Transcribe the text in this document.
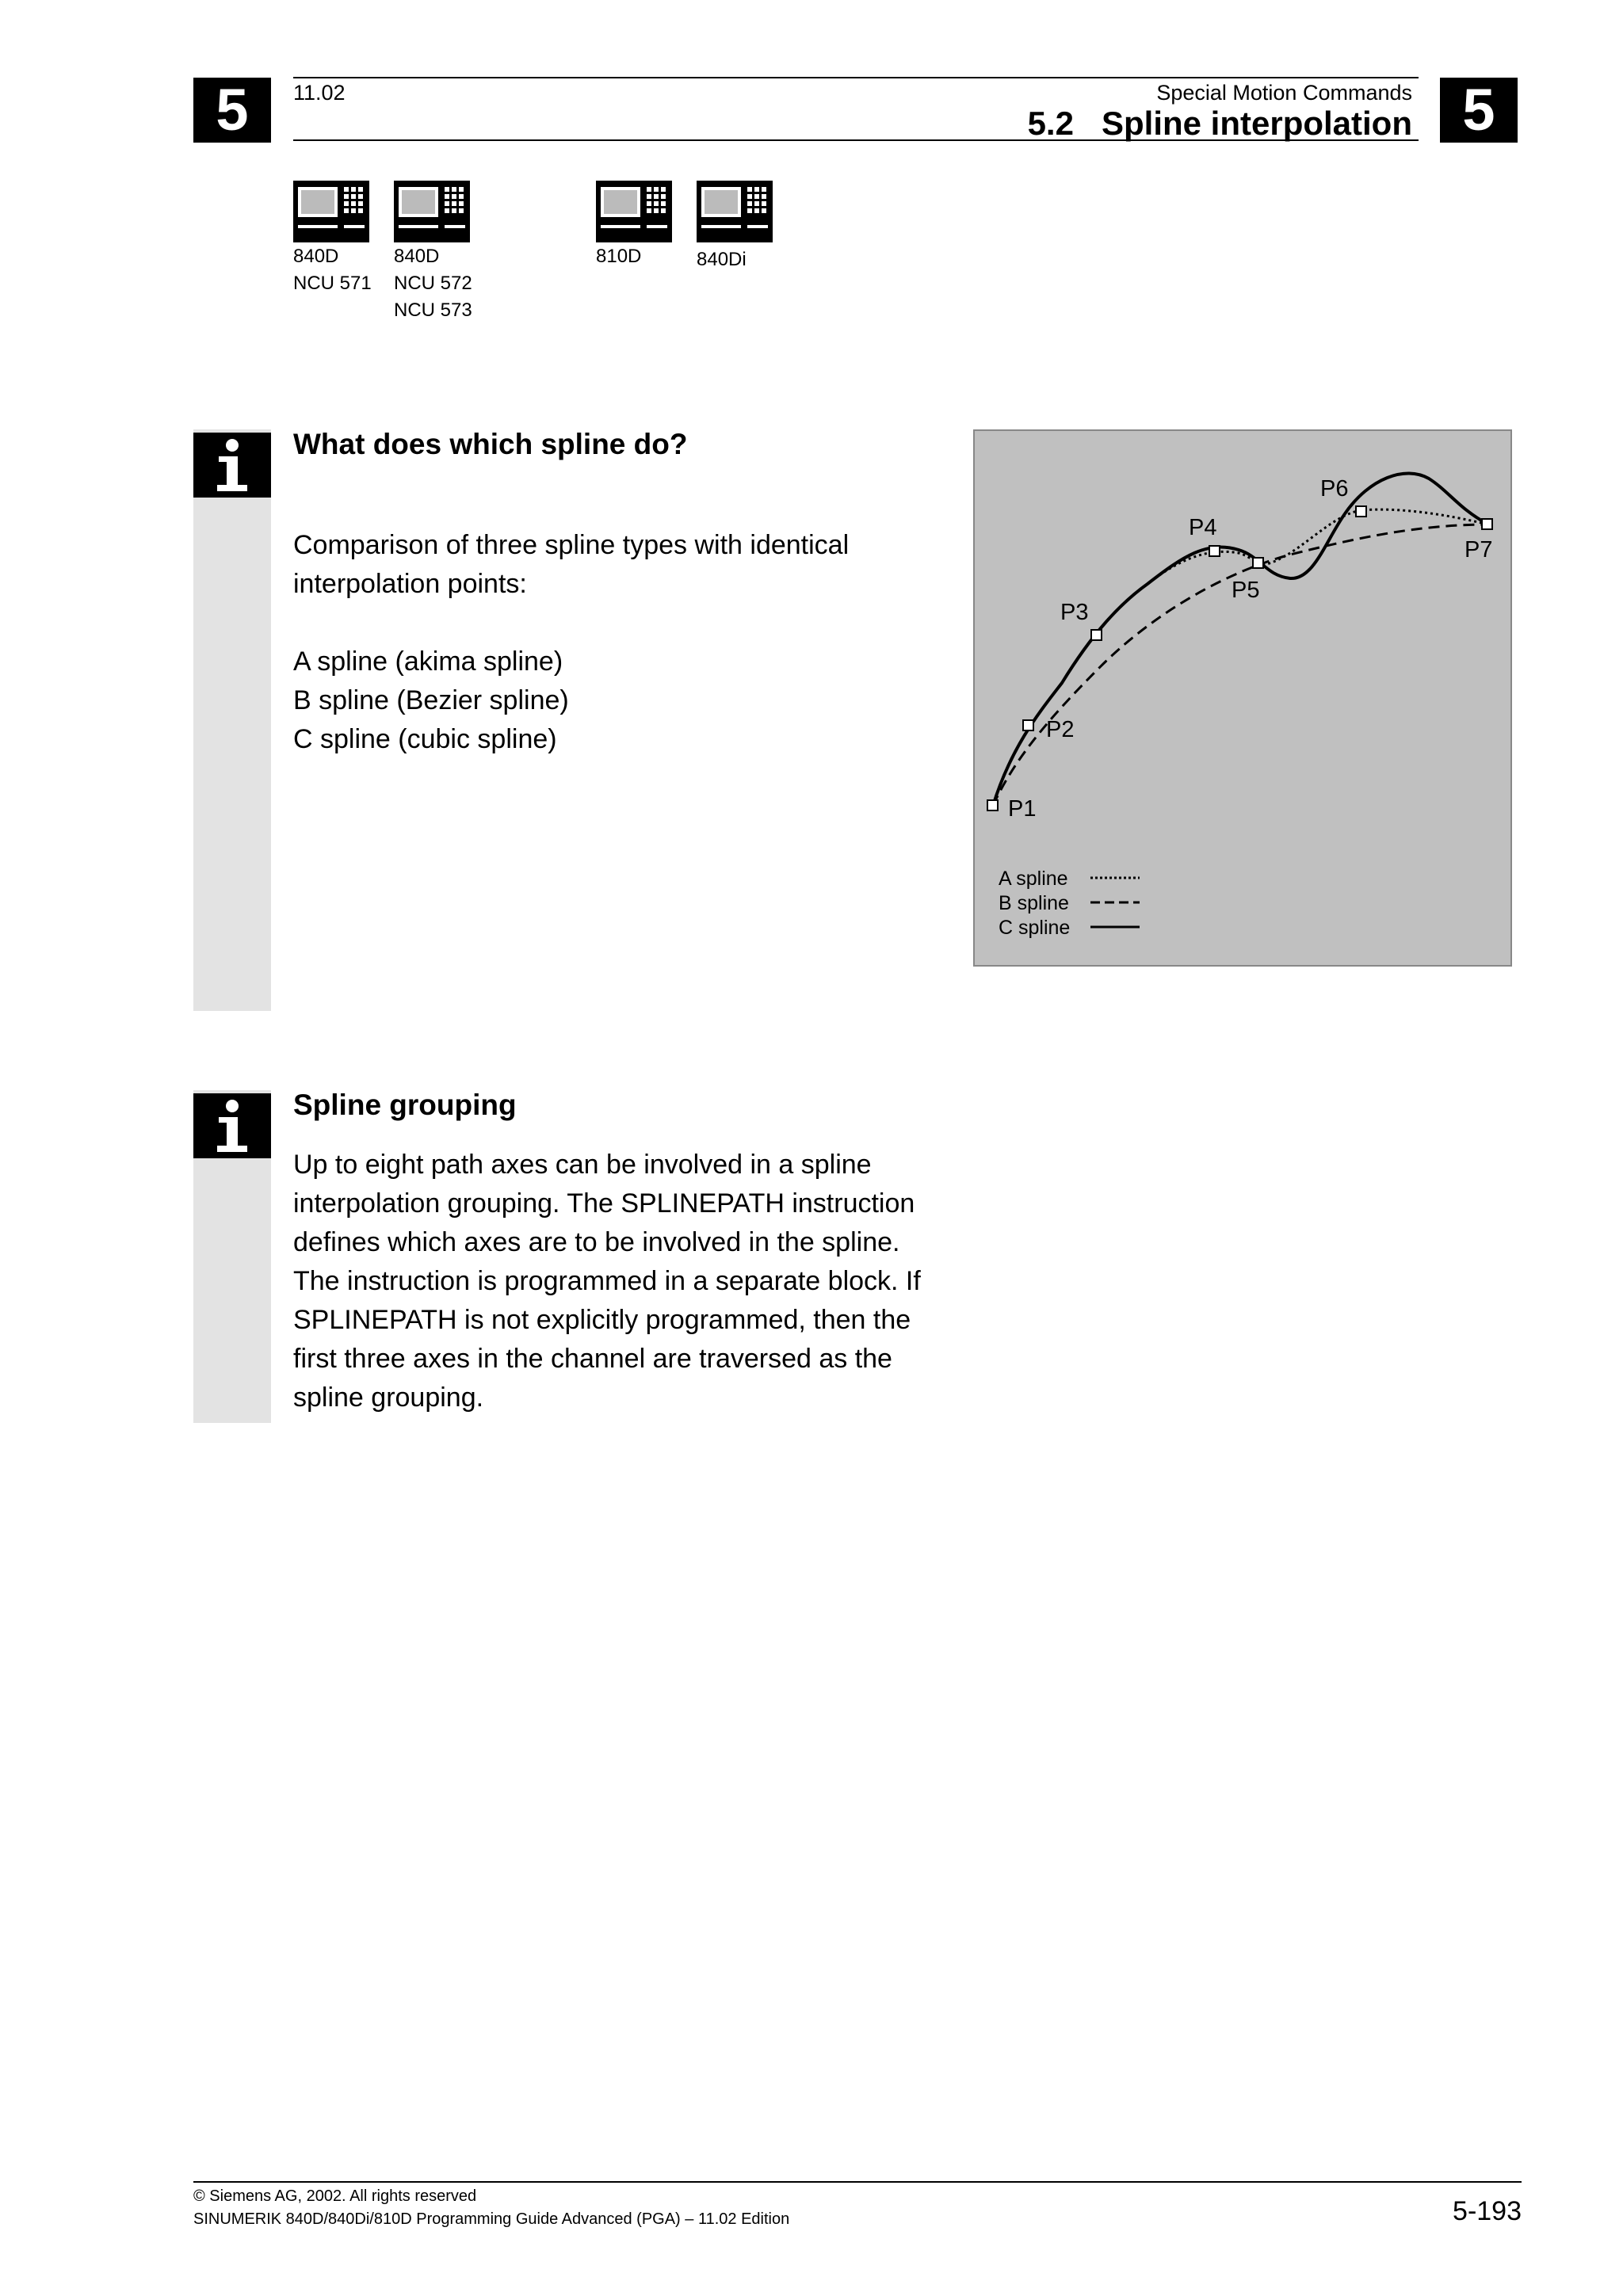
5	5
11.02	Special Motion Commands
5.2 Spline interpolation
840D
NCU 571
840D
NCU 572
NCU 573
810D	840Di
What does which spline do?

Comparison of three spline types with identical

interpolation points:

A spline (akima spline)

B spline (Bezier spline)

C spline (cubic spline)

P1
P2
P3
P4
P5
P6
P7
A spline
B spline
C spline
Spline grouping

Up to eight path axes can be involved in a spline

interpolation grouping. The SPLINEPATH instruction

defines which axes are to be involved in the spline.

The instruction is programmed in a separate block. If

SPLINEPATH is not explicitly programmed, then the

first three axes in the channel are traversed as the

spline grouping.

© Siemens AG, 2002. All rights reserved
SINUMERIK 840D/840Di/810D Programming Guide Advanced (PGA) – 11.02 Edition	5-193
